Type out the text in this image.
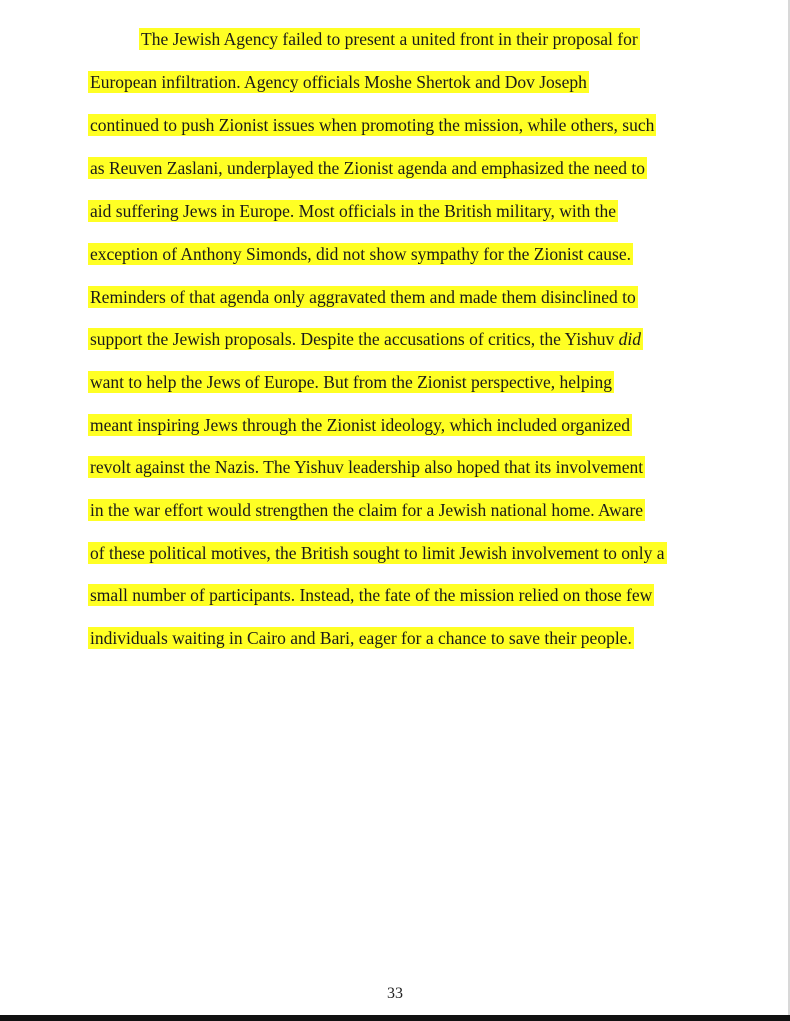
The Jewish Agency failed to present a united front in their proposal for
European infiltration. Agency officials Moshe Shertok and Dov Joseph
continued to push Zionist issues when promoting the mission, while others, such
as Reuven Zaslani, underplayed the Zionist agenda and emphasized the need to
aid suffering Jews in Europe. Most officials in the British military, with the
exception of Anthony Simonds, did not show sympathy for the Zionist cause.
Reminders of that agenda only aggravated them and made them disinclined to
support the Jewish proposals. Despite the accusations of critics, the Yishuv did
want to help the Jews of Europe. But from the Zionist perspective, helping
meant inspiring Jews through the Zionist ideology, which included organized
revolt against the Nazis. The Yishuv leadership also hoped that its involvement
in the war effort would strengthen the claim for a Jewish national home. Aware
of these political motives, the British sought to limit Jewish involvement to only a
small number of participants. Instead, the fate of the mission relied on those few
individuals waiting in Cairo and Bari, eager for a chance to save their people.
33
